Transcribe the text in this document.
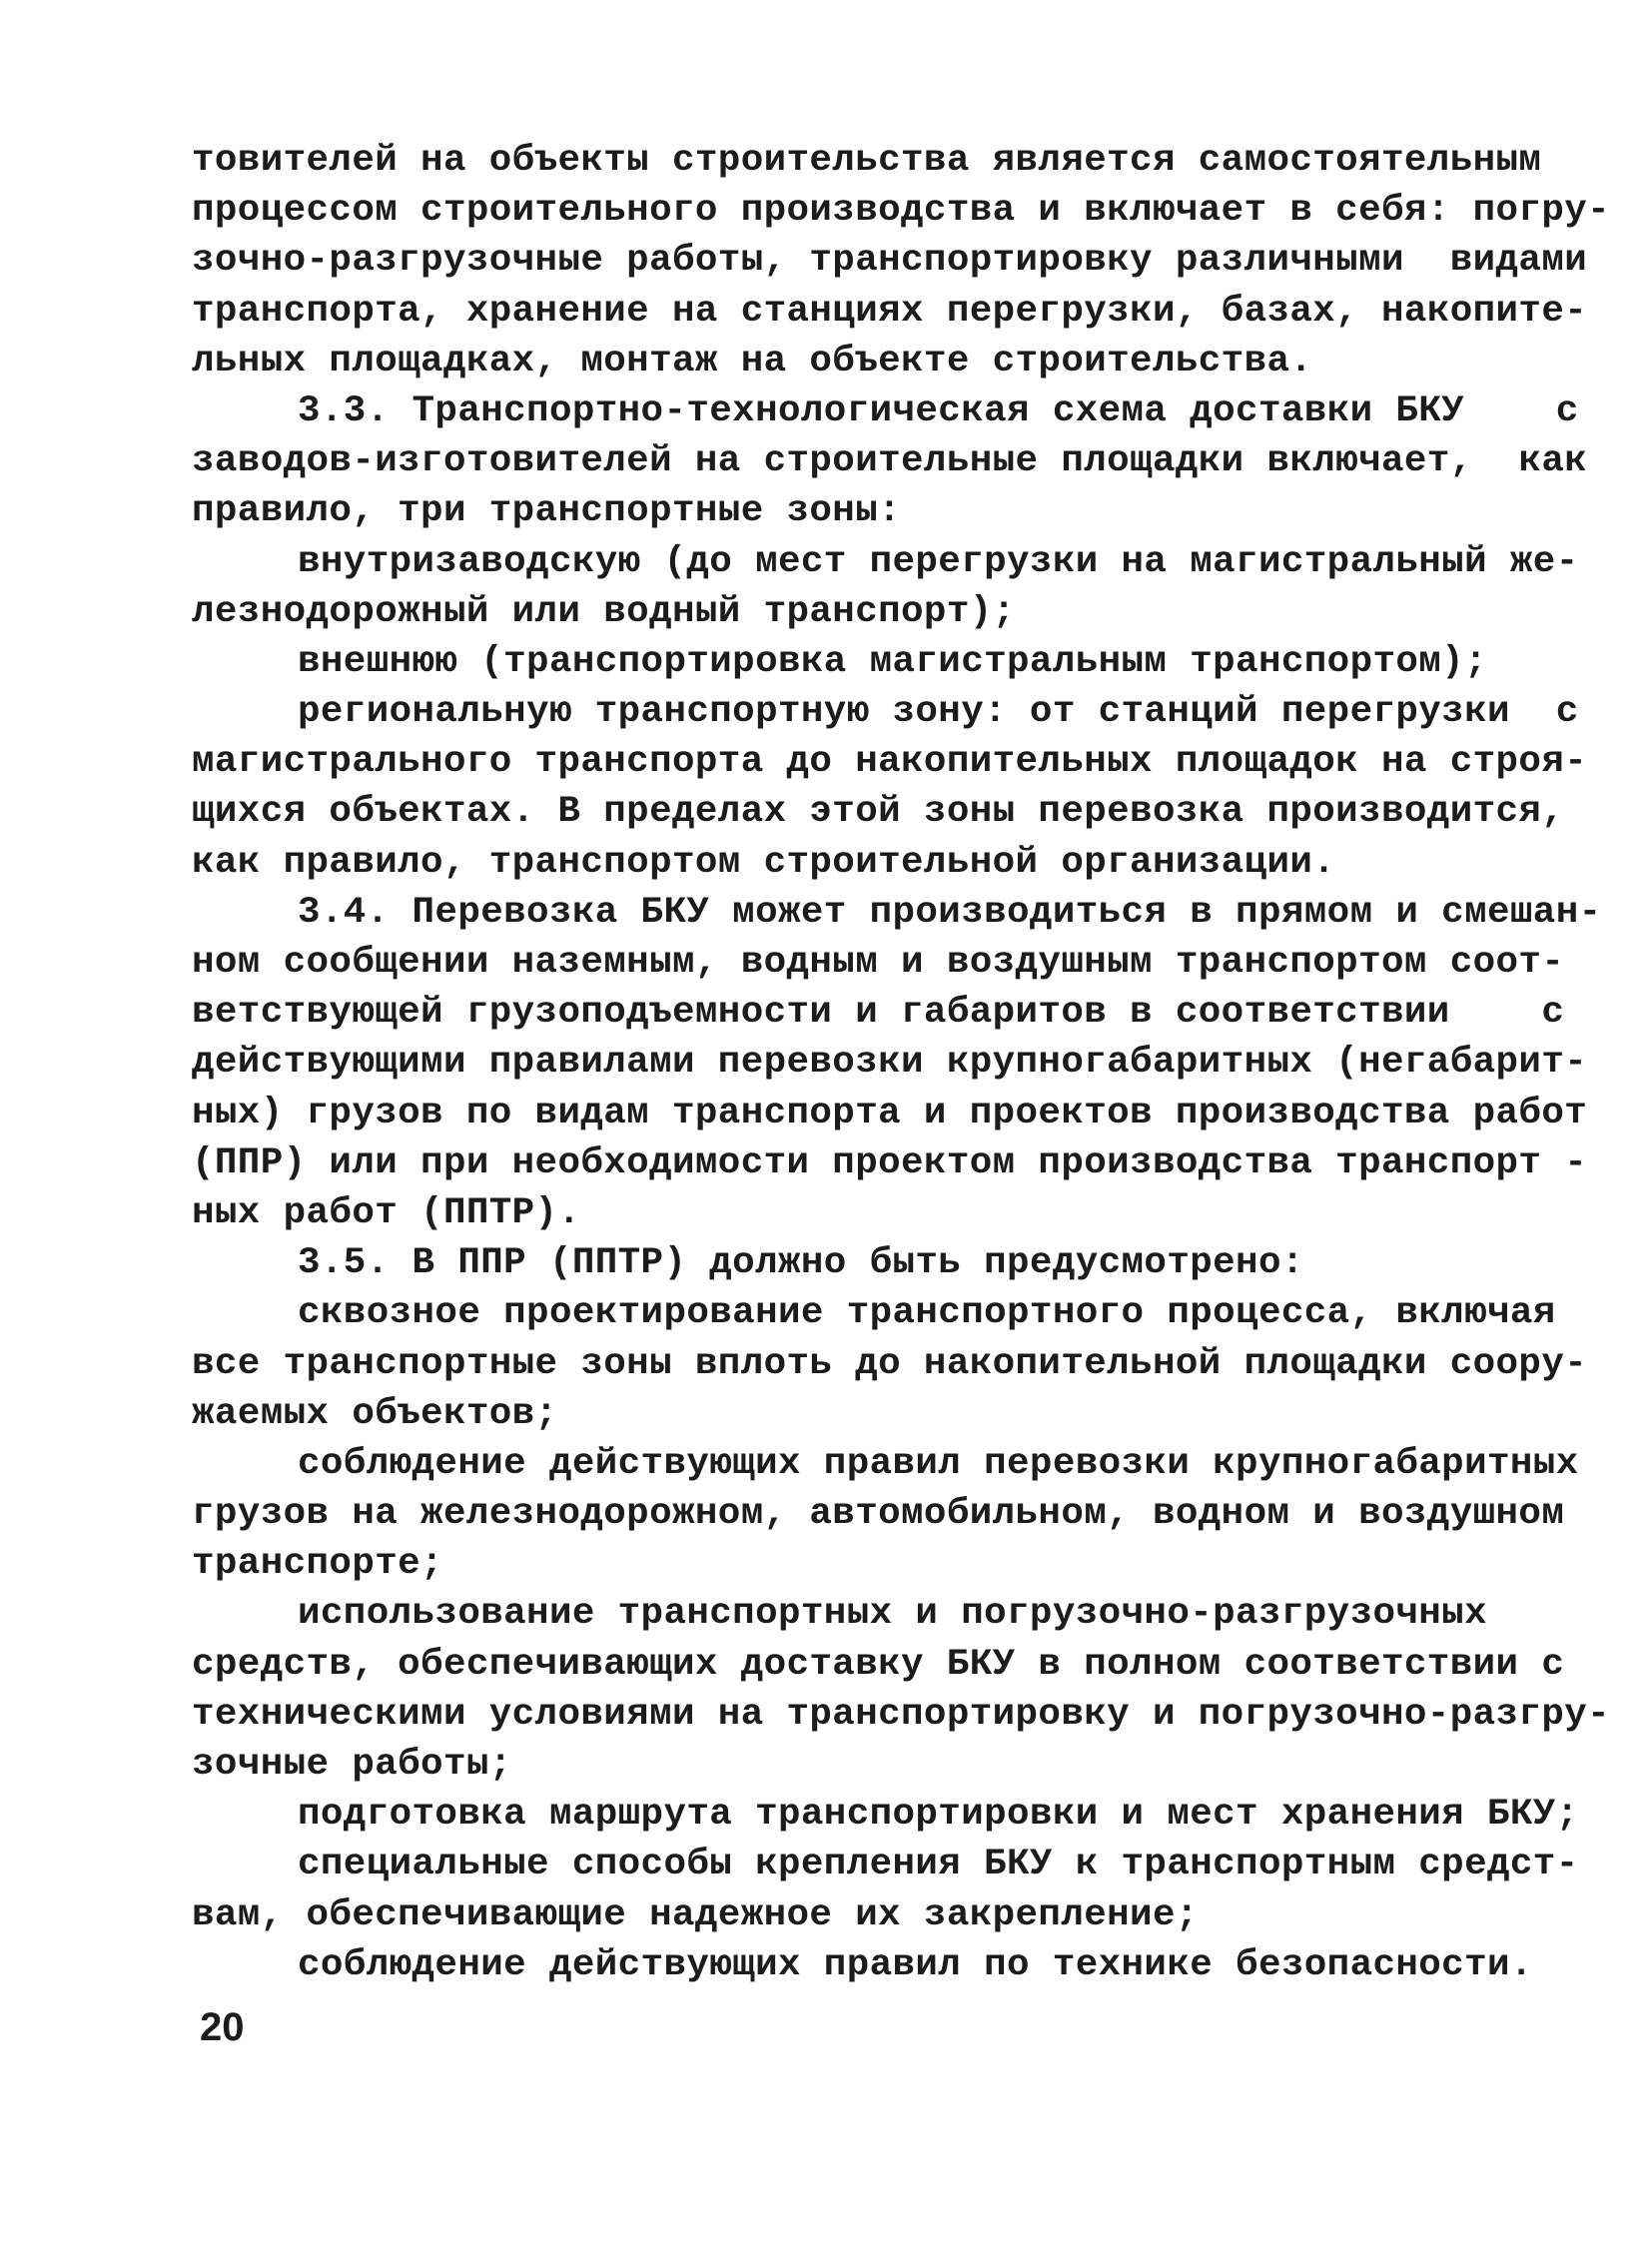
товителей на объекты строительства является самостоятельным
процессом строительного производства и включает в себя: погру-
зочно-разгрузочные работы, транспортировку различными  видами
транспорта, хранение на станциях перегрузки, базах, накопите-
льных площадках, монтаж на объекте строительства.
3.3. Транспортно-технологическая схема доставки БКУ    с
заводов-изготовителей на строительные площадки включает,  как
правило, три транспортные зоны:
внутризаводскую (до мест перегрузки на магистральный же-
лезнодорожный или водный транспорт);
внешнюю (транспортировка магистральным транспортом);
региональную транспортную зону: от станций перегрузки  с
магистрального транспорта до накопительных площадок на строя-
щихся объектах. В пределах этой зоны перевозка производится,
как правило, транспортом строительной организации.
3.4. Перевозка БКУ может производиться в прямом и смешан-
ном сообщении наземным, водным и воздушным транспортом соот-
ветствующей грузоподъемности и габаритов в соответствии    с
действующими правилами перевозки крупногабаритных (негабарит-
ных) грузов по видам транспорта и проектов производства работ
(ППР) или при необходимости проектом производства транспорт -
ных работ (ППТР).
3.5. В ППР (ППТР) должно быть предусмотрено:
сквозное проектирование транспортного процесса, включая
все транспортные зоны вплоть до накопительной площадки соору-
жаемых объектов;
соблюдение действующих правил перевозки крупногабаритных
грузов на железнодорожном, автомобильном, водном и воздушном
транспорте;
использование транспортных и погрузочно-разгрузочных
средств, обеспечивающих доставку БКУ в полном соответствии с
техническими условиями на транспортировку и погрузочно-разгру-
зочные работы;
подготовка маршрута транспортировки и мест хранения БКУ;
специальные способы крепления БКУ к транспортным средст-
вам, обеспечивающие надежное их закрепление;
соблюдение действующих правил по технике безопасности.
20
